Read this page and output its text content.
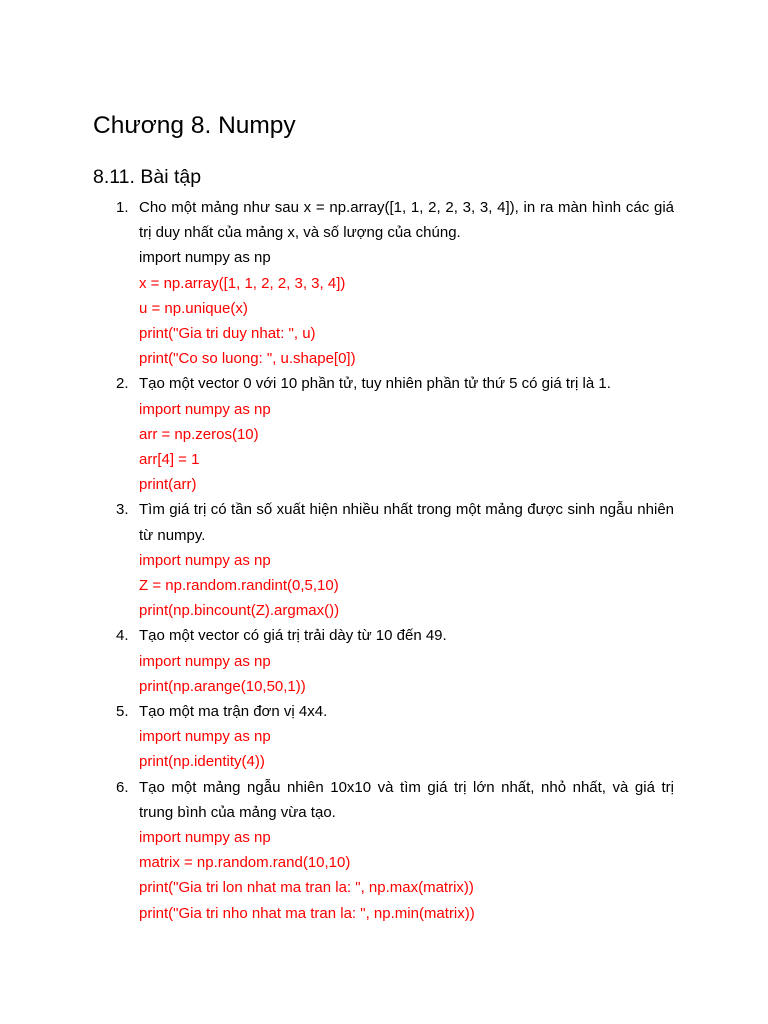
Chương 8. Numpy
8.11. Bài tập
1. Cho một mảng như sau x = np.array([1, 1, 2, 2, 3, 3, 4]), in ra màn hình các giá trị duy nhất của mảng x, và số lượng của chúng.
import numpy as np
x = np.array([1, 1, 2, 2, 3, 3, 4])
u = np.unique(x)
print("Gia tri duy nhat: ", u)
print("Co so luong: ", u.shape[0])
2. Tạo một vector 0 với 10 phần tử, tuy nhiên phần tử thứ 5 có giá trị là 1.
import numpy as np
arr = np.zeros(10)
arr[4] = 1
print(arr)
3. Tìm giá trị có tần số xuất hiện nhiều nhất trong một mảng được sinh ngẫu nhiên từ numpy.
import numpy as np
Z = np.random.randint(0,5,10)
print(np.bincount(Z).argmax())
4. Tạo một vector có giá trị trải dày từ 10 đến 49.
import numpy as np
print(np.arange(10,50,1))
5. Tạo một ma trận đơn vị 4x4.
import numpy as np
print(np.identity(4))
6. Tạo một mảng ngẫu nhiên 10x10 và tìm giá trị lớn nhất, nhỏ nhất, và giá trị trung bình của mảng vừa tạo.
import numpy as np
matrix = np.random.rand(10,10)
print("Gia tri lon nhat ma tran la: ", np.max(matrix))
print("Gia tri nho nhat ma tran la: ", np.min(matrix))
